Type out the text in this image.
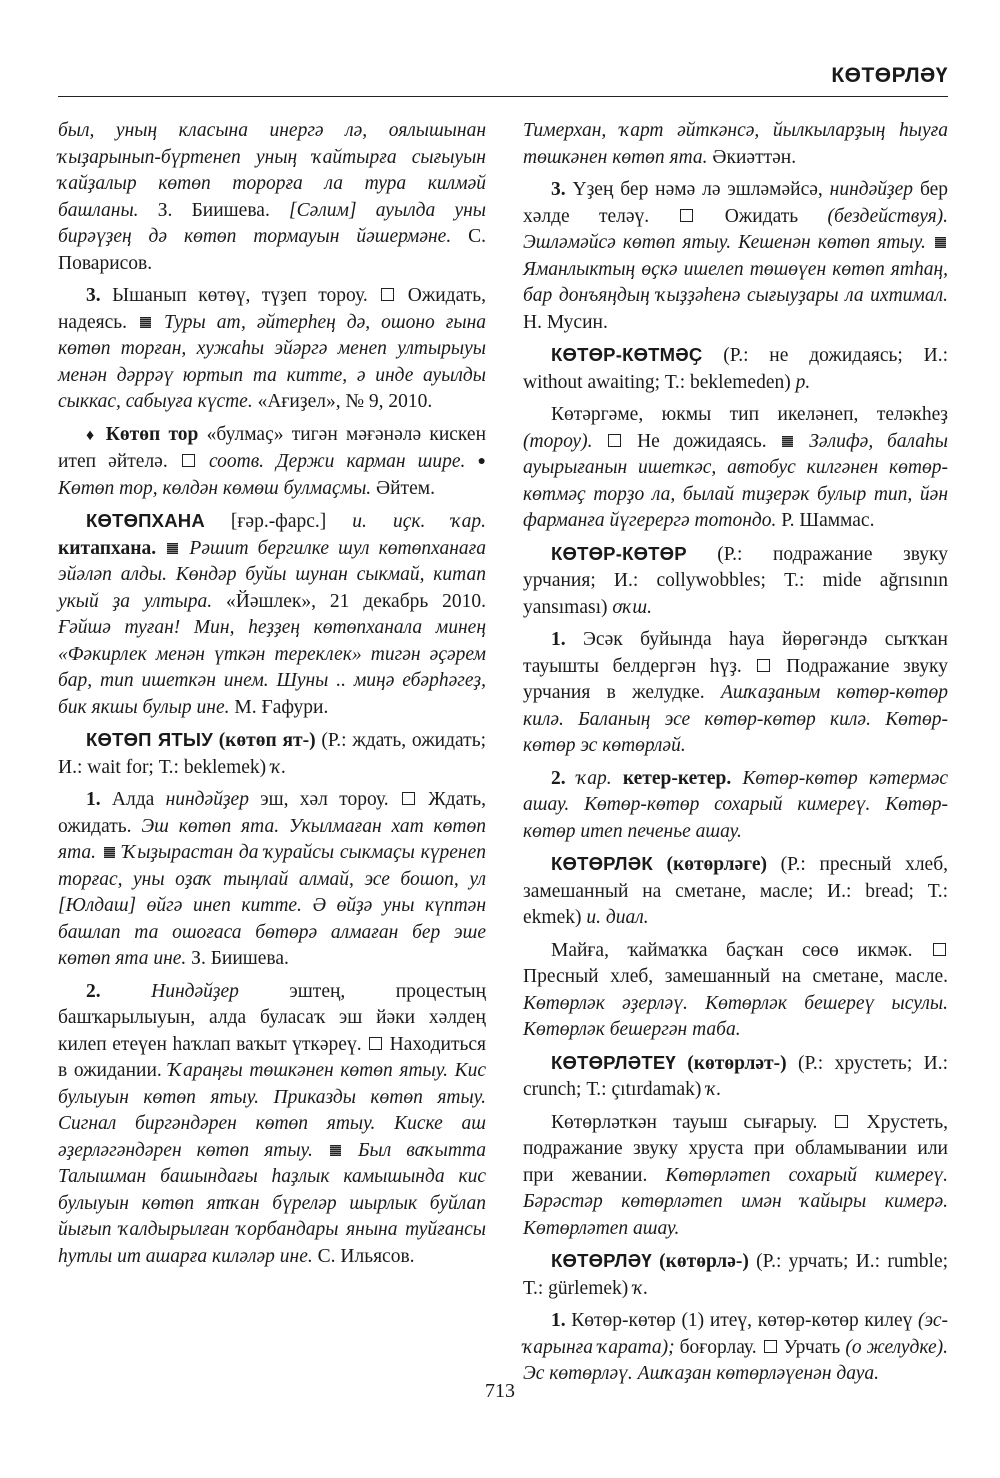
КӨТӨРЛӘҮ

был, уның класына инергә лә, оялышынан ҡыҙарынып-бүртенеп уның ҡайтырға сығыуын ҡайҙалыр көтөп торорға ла тура килмәй башланы. З. Биишева. [Сәлим] ауылда уны бирәүҙең дә көтөп тормауын йәшермәне. С. Поварисов.

3. Ышанып көтөү, түҙеп тороу. Ожидать, надеясь. Туры ат, әйтерһең дә, ошоно ғына көтөп торған, хужаһы эйәргә менеп ултырыуы менән дәррәү юртып та китте, ә инде ауылды сыккас, сабыуға күсте. «Ағиҙел», № 9, 2010.

♦ Көтөп тор «булмаҫ» тигән мәғәнәлә кискен итеп әйтелә. соотв. Держи карман шире. ● Көтөп тор, көлдән көмөш булмаҫмы. Әйтем.

КӨТӨПХАНА [ғәр.-фарс.] и. иҫк. ҡар. китапхана. Рәшит бергилке шул көтөпханаға эйәләп алды. Көндәр буйы шунан сыкмай, китап укый ҙа ултыра. «Йәшлек», 21 декабрь 2010. Ғәйшә туған! Мин, һеҙҙең көтөпханала минең «Фәкирлек менән үткән тереклек» тигән әҫәрем бар, тип ишеткән инем. Шуны .. миңә ебәрһәгеҙ, бик якшы булыр ине. М. Ғафури.

КӨТӨП ЯТЫУ (көтөп ят-) (Р.: ждать, ожидать; И.: wait for; Т.: beklemek) ҡ.

1. Алда ниндәйҙер эш, хәл тороу. Ждать, ожидать. Эш көтөп ята. Укылмаған хат көтөп ята. Ҡыҙырастан да ҡурайсы сыкмаҫы күренеп торғас, уны оҙаҡ тыңлай алмай, эсе бошоп, ул [Юлдаш] өйгә инеп китте. Ә өйҙә уны күптән башлап та ошоғаса бөтөрә алмаған бер эше көтөп ята ине. З. Биишева.

2.	Ниндәйҙер	эштең, процестың башҡарылыуын, алда буласаҡ эш йәки хәлдең килеп етеүен һаҡлап ваҡыт үткәреү. Находиться в ожидании. Ҡараңғы төшкәнен көтөп ятыу. Кис булыуын көтөп ятыу. Приказды көтөп ятыу. Сигнал биргәндәрен көтөп ятыу. Киске аш әҙерләгәндәрен көтөп ятыу. Был ваҡытта Талышман башындағы һаҙлык камышында кис булыуын көтөп ятҡан бүреләр шырлык буйлап йығып ҡалдырылған ҡорбандары янына туйғансы һутлы ит ашарға киләләр ине. С. Ильясов.

Тимерхан, ҡарт әйткәнсә, йылкыларҙың һыуға төшкәнен көтөп ята. Әкиәттән.

3. Үҙең бер нәмә лә эшләмәйсә, ниндәйҙер бер хәлде теләү.	Ожидать (бездействуя). Эшләмәйсә көтөп ятыу. Кешенән көтөп ятыу.  Яманлыктың өҫкә ишелеп төшөүен көтөп ятһаң, бар донъяңдың ҡыҙҙәһенә сығыуҙары ла ихтимал. Н. Мусин.

КӨТӨР-КӨТМӘҪ (Р.: не дожидаясь; И.: without awaiting; Т.: beklemeden) р.

Көтәргәме, юкмы тип икеләнеп, теләкһеҙ (тороу). Не дожидаясь. Зәлифә, балаһы ауырығанын ишеткәс, автобус килгәнен көтөр-көтмәҫ торҙо ла, былай тиҙерәк булыр тип, йән фарманға йүгерергә тотондо. Р. Шаммас.

КӨТӨР-КӨТӨР (Р.: подражание звуку урчания; И.: collywobbles; Т.: mide ağrısının yansıması) оҡш.

1. Эсәк буйында һауа йөрөгәндә сыҡҡан тауышты белдергән һүҙ. Подражание звуку урчания в желудке. Ашҡаҙаным көтөр-көтөр килә. Баланың эсе көтөр-көтөр килә. Көтөр-көтөр эс көтөрләй.

2. ҡар. кетер-кетер. Көтөр-көтөр кәтермәс ашау. Көтөр-көтөр сохарый кимереү. Көтөр-көтөр итеп печенье ашау.

КӨТӨРЛӘК (көтөрләге) (Р.: пресный хлеб, замешанный на сметане, масле; И.: bread; Т.: ekmek) и. диал.

Майға, ҡаймаҡка баҫҡан сөсө икмәк.  Пресный хлеб, замешанный на сметане, масле. Көтөрләк әҙерләү. Көтөрләк бешереү ысулы. Көтөрләк бешергән таба.

КӨТӨРЛӘТЕҮ (көтөрләт-) (Р.: хрустеть; И.: crunch; Т.: çıtırdamak) ҡ.

Көтөрләткән тауыш сығарыу.	Хрустеть, подражание звуку хруста при обламывании или при жевании. Көтөрләтеп сохарый кимереү. Бәрәстәр көтөрләтеп имән ҡайыры кимерә. Көтөрләтеп ашау.

КӨТӨРЛӘҮ (көтөрлә-) (Р.: урчать; И.: rumble; Т.: gürlemek) ҡ.

1. Көтөр-көтөр (1) итеү, көтөр-көтөр килеү (эс-ҡарынға ҡарата); боғорлау. Урчать (о желудке). Эс көтөрләү. Ашҡаҙан көтөрләүенән дауа.

713
